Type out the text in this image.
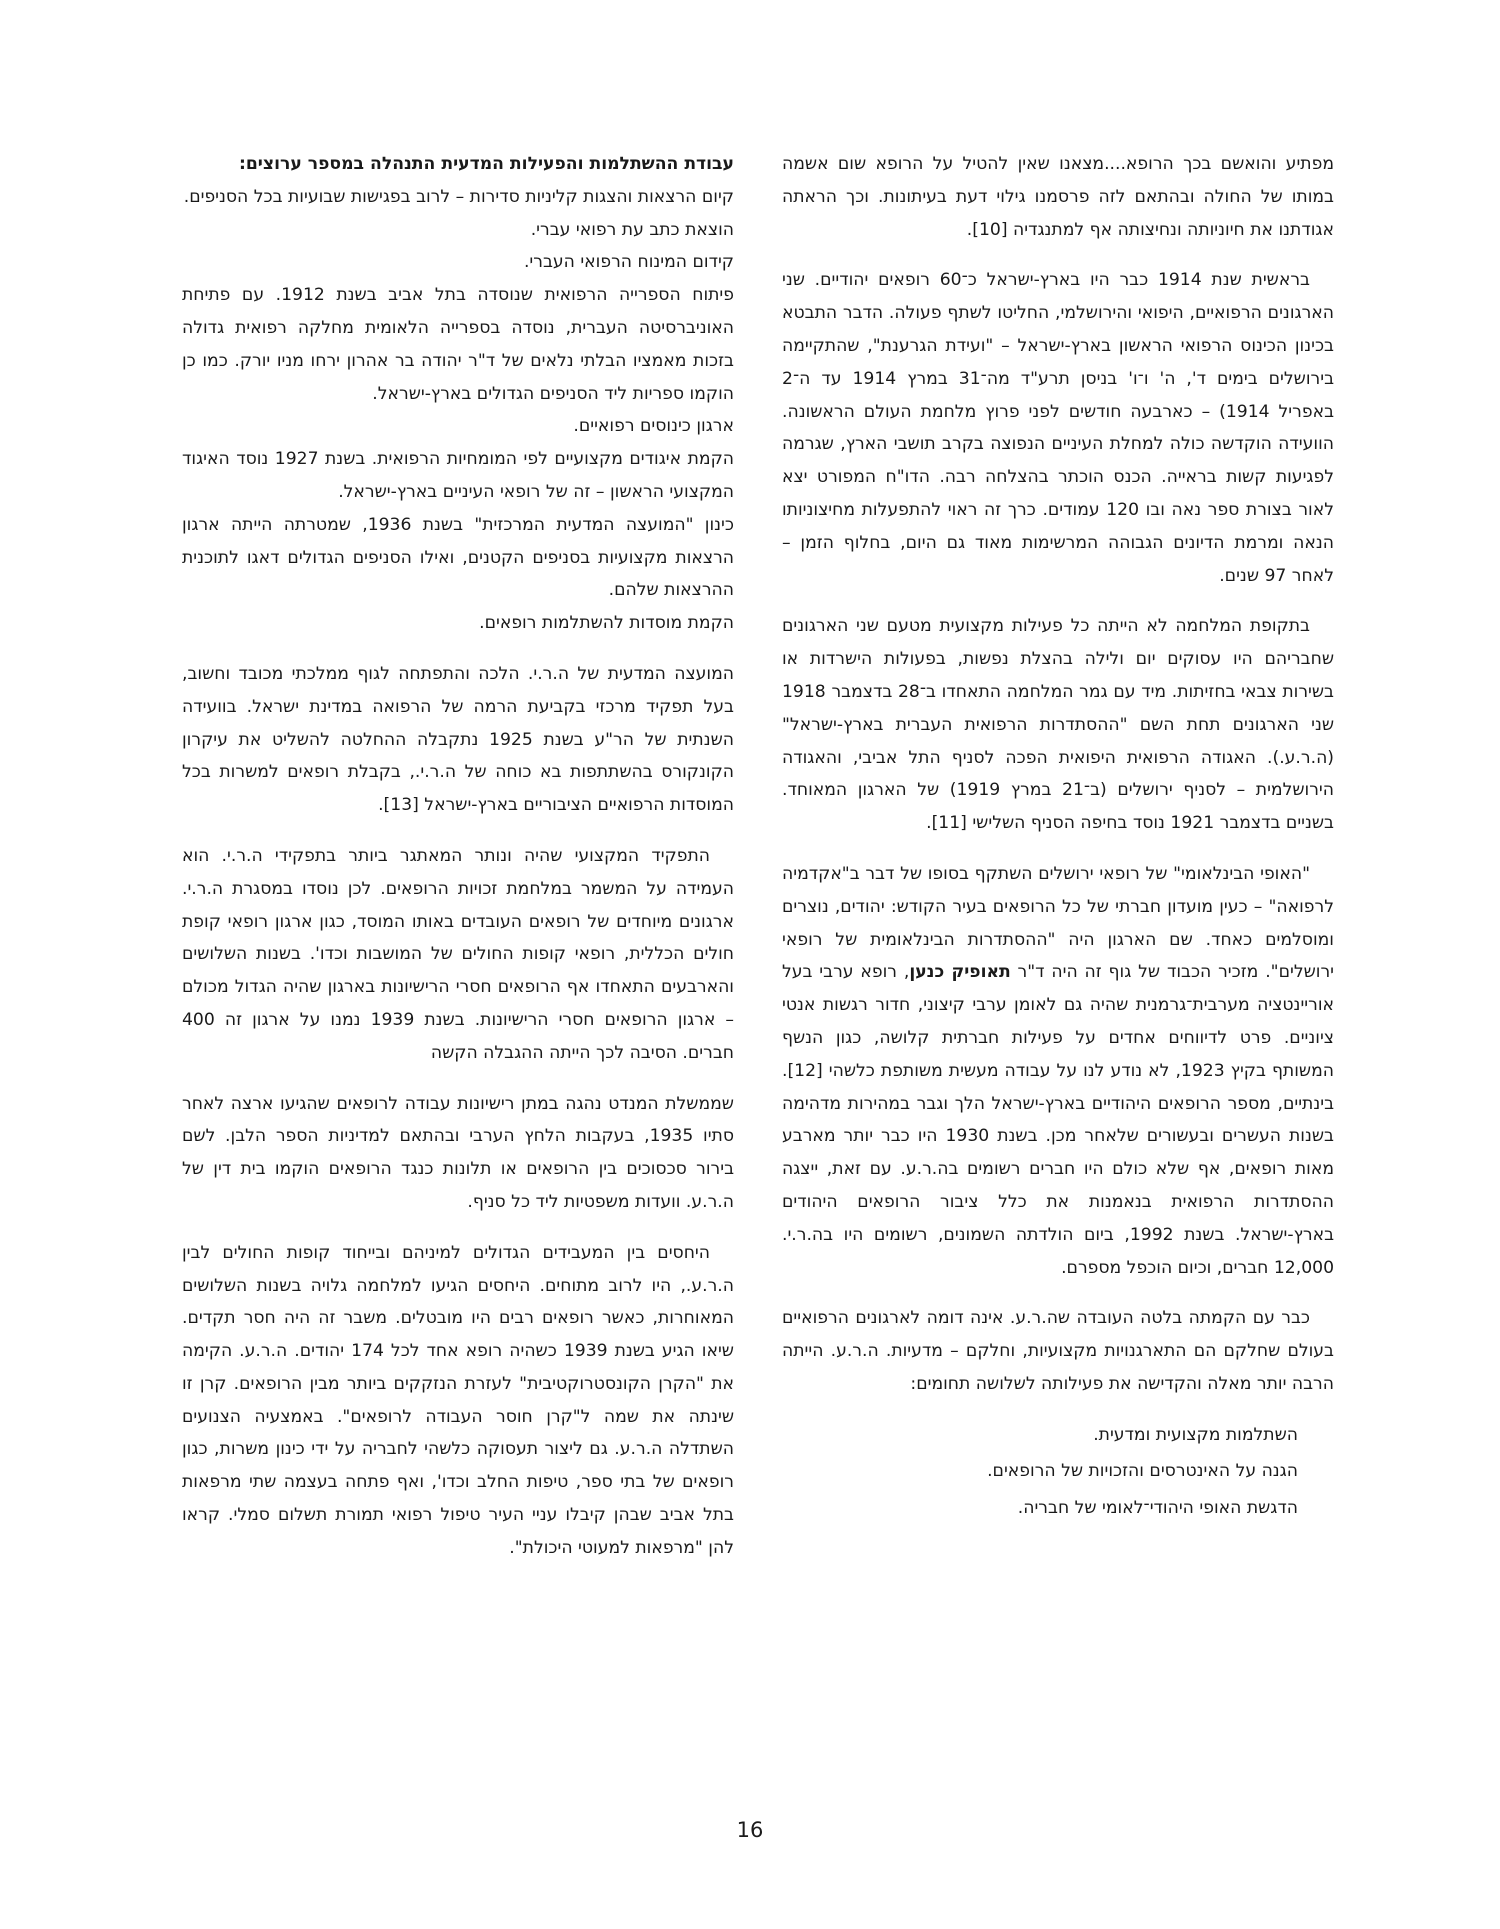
מפתיע והואשם בכך הרופא....מצאנו שאין להטיל על הרופא שום אשמה במותו של החולה ובהתאם לזה פרסמנו גילוי דעת בעיתונות. וכך הראתה אגודתנו את חיוניותה ונחיצותה אף למתנגדיה [10].

בראשית שנת 1914 כבר היו בארץ-ישראל כ־60 רופאים יהודיים. שני הארגונים הרפואיים, היפואי והירושלמי, החליטו לשתף פעולה. הדבר התבטא בכינון הכינוס הרפואי הראשון בארץ-ישראל – "ועידת הגרענת", שהתקיימה בירושלים בימים ד', ה' ו־ו' בניסן תרע"ד מה־31 במרץ 1914 עד ה־2 באפריל 1914) – כארבעה חודשים לפני פרוץ מלחמת העולם הראשונה. הוועידה הוקדשה כולה למחלת העיניים הנפוצה בקרב תושבי הארץ, שגרמה לפגיעות קשות בראייה. הכנס הוכתר בהצלחה רבה. הדו"ח המפורט יצא לאור בצורת ספר נאה ובו 120 עמודים. כרך זה ראוי להתפעלות מחיצוניותו הנאה ומרמת הדיונים הגבוהה המרשימות מאוד גם היום, בחלוף הזמן – לאחר 97 שנים.

בתקופת המלחמה לא הייתה כל פעילות מקצועית מטעם שני הארגונים שחבריהם היו עסוקים יום ולילה בהצלת נפשות, בפעולות הישרדות או בשירות צבאי בחזיתות. מיד עם גמר המלחמה התאחדו ב־28 בדצמבר 1918 שני הארגונים תחת השם "ההסתדרות הרפואית העברית בארץ-ישראל" (ה.ר.ע.). האגודה הרפואית היפואית הפכה לסניף התל אביבי, והאגודה הירושלמית – לסניף ירושלים (ב־21 במרץ 1919) של הארגון המאוחד. בשניים בדצמבר 1921 נוסד בחיפה הסניף השלישי [11].

"האופי הבינלאומי" של רופאי ירושלים השתקף בסופו של דבר ב"אקדמיה לרפואה" – כעין מועדון חברתי של כל הרופאים בעיר הקודש: יהודים, נוצרים ומוסלמים כאחד. שם הארגון היה "ההסתדרות הבינלאומית של רופאי ירושלים". מזכיר הכבוד של גוף זה היה ד"ר תאופיק כנען, רופא ערבי בעל אוריינטציה מערבית־גרמנית שהיה גם לאומן ערבי קיצוני, חדור רגשות אנטי ציוניים. פרט לדיווחים אחדים על פעילות חברתית קלושה, כגון הנשף המשותף בקיץ 1923, לא נודע לנו על עבודה מעשית משותפת כלשהי [12]. בינתיים, מספר הרופאים היהודיים בארץ-ישראל הלך וגבר במהירות מדהימה בשנות העשרים ובעשורים שלאחר מכן. בשנת 1930 היו כבר יותר מארבע מאות רופאים, אף שלא כולם היו חברים רשומים בה.ר.ע. עם זאת, ייצגה ההסתדרות הרפואית בנאמנות את כלל ציבור הרופאים היהודים בארץ-ישראל. בשנת 1992, ביום הולדתה השמונים, רשומים היו בה.ר.י. 12,000 חברים, וכיום הוכפל מספרם.

כבר עם הקמתה בלטה העובדה שה.ר.ע. אינה דומה לארגונים הרפואיים בעולם שחלקם הם התארגנויות מקצועיות, וחלקם – מדעיות. ה.ר.ע. הייתה הרבה יותר מאלה והקדישה את פעילותה לשלושה תחומים:

השתלמות מקצועית ומדעית.
הגנה על האינטרסים והזכויות של הרופאים.
הדגשת האופי היהודי־לאומי של חבריה.

עבודת ההשתלמות והפעילות המדעית התנהלה במספר ערוצים:

קיום הרצאות והצגות קליניות סדירות – לרוב בפגישות שבועיות בכל הסניפים.
הוצאת כתב עת רפואי עברי.
קידום המינוח הרפואי העברי.
פיתוח הספרייה הרפואית שנוסדה בתל אביב בשנת 1912. עם פתיחת האוניברסיטה העברית, נוסדה בספרייה הלאומית מחלקה רפואית גדולה בזכות מאמציו הבלתי נלאים של ד"ר יהודה בר אהרון ירחו מניו יורק. כמו כן הוקמו ספריות ליד הסניפים הגדולים בארץ-ישראל.
ארגון כינוסים רפואיים.
הקמת איגודים מקצועיים לפי המומחיות הרפואית. בשנת 1927 נוסד האיגוד המקצועי הראשון – זה של רופאי העיניים בארץ-ישראל.
כינון "המועצה המדעית המרכזית" בשנת 1936, שמטרתה הייתה ארגון הרצאות מקצועיות בסניפים הקטנים, ואילו הסניפים הגדולים דאגו לתוכנית ההרצאות שלהם.
הקמת מוסדות להשתלמות רופאים.

המועצה המדעית של ה.ר.י. הלכה והתפתחה לגוף ממלכתי מכובד וחשוב, בעל תפקיד מרכזי בקביעת הרמה של הרפואה במדינת ישראל. בוועידה השנתית של הר"ע בשנת 1925 נתקבלה ההחלטה להשליט את עיקרון הקונקורס בהשתתפות בא כוחה של ה.ר.י., בקבלת רופאים למשרות בכל המוסדות הרפואיים הציבוריים בארץ-ישראל [13].

התפקיד המקצועי שהיה ונותר המאתגר ביותר בתפקידי ה.ר.י. הוא העמידה על המשמר במלחמת זכויות הרופאים. לכן נוסדו במסגרת ה.ר.י. ארגונים מיוחדים של רופאים העובדים באותו המוסד, כגון ארגון רופאי קופת חולים הכללית, רופאי קופות החולים של המושבות וכדו'. בשנות השלושים והארבעים התאחדו אף הרופאים חסרי הרישיונות בארגון שהיה הגדול מכולם – ארגון הרופאים חסרי הרישיונות. בשנת 1939 נמנו על ארגון זה 400 חברים. הסיבה לכך הייתה ההגבלה הקשה

שממשלת המנדט נהגה במתן רישיונות עבודה לרופאים שהגיעו ארצה לאחר סתיו 1935, בעקבות הלחץ הערבי ובהתאם למדיניות הספר הלבן. לשם בירור סכסוכים בין הרופאים או תלונות כנגד הרופאים הוקמו בית דין של ה.ר.ע. וועדות משפטיות ליד כל סניף.

היחסים בין המעבידים הגדולים למיניהם ובייחוד קופות החולים לבין ה.ר.ע., היו לרוב מתוחים. היחסים הגיעו למלחמה גלויה בשנות השלושים המאוחרות, כאשר רופאים רבים היו מובטלים. משבר זה היה חסר תקדים. שיאו הגיע בשנת 1939 כשהיה רופא אחד לכל 174 יהודים. ה.ר.ע. הקימה את "הקרן הקונסטרוקטיבית" לעזרת הנזקקים ביותר מבין הרופאים. קרן זו שינתה את שמה ל"קרן חוסר העבודה לרופאים". באמצעיה הצנועים השתדלה ה.ר.ע. גם ליצור תעסוקה כלשהי לחבריה על ידי כינון משרות, כגון רופאים של בתי ספר, טיפות החלב וכדו', ואף פתחה בעצמה שתי מרפאות בתל אביב שבהן קיבלו עניי העיר טיפול רפואי תמורת תשלום סמלי. קראו להן "מרפאות למעוטי היכולת".

16
